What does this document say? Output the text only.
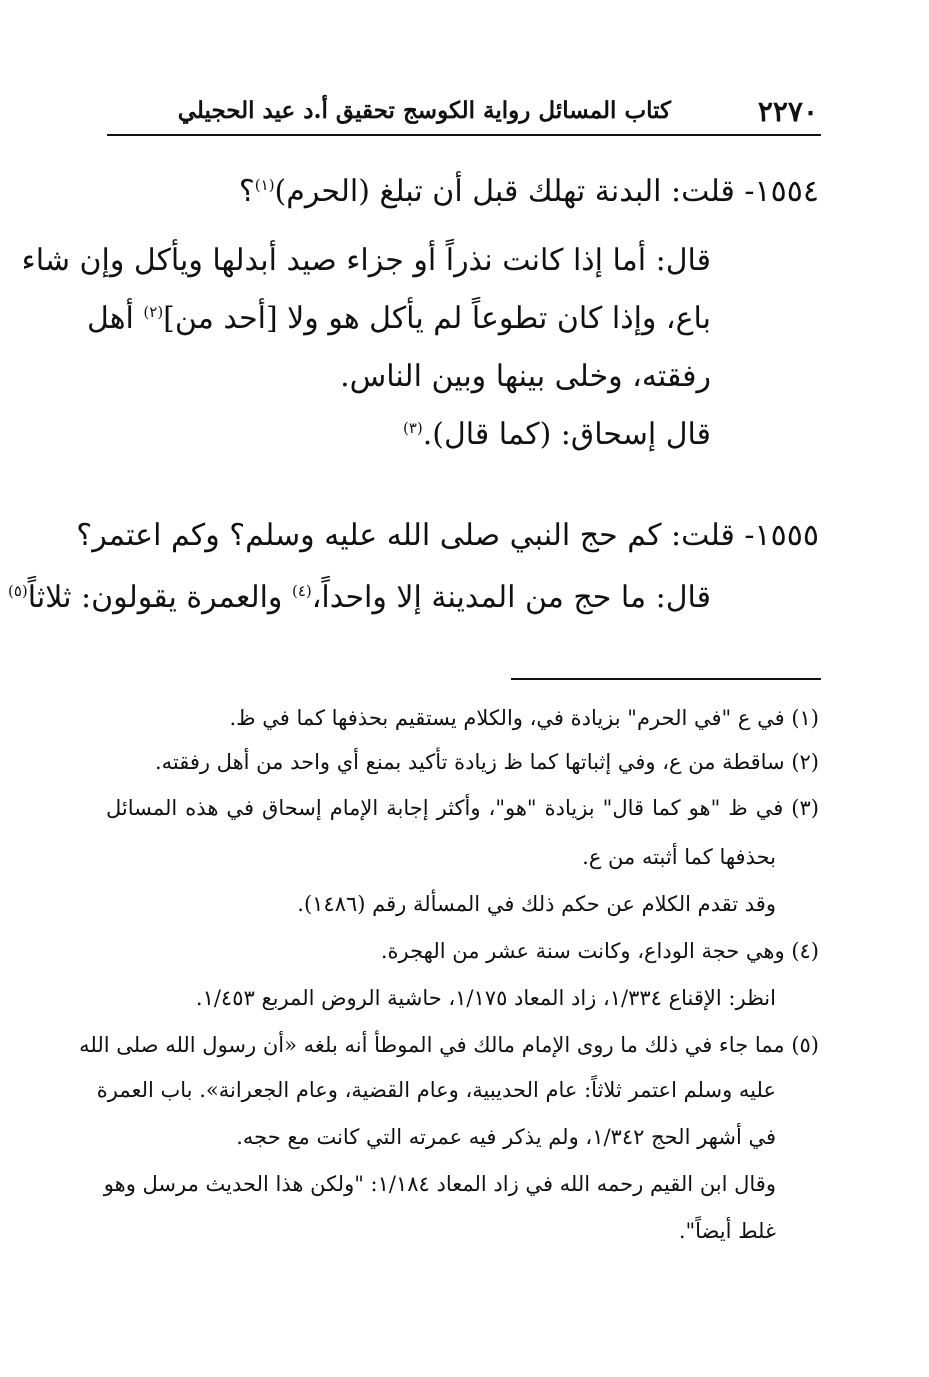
٢٢٧٠
كتاب المسائل رواية الكوسج تحقيق أ.د عيد الحجيلي
١٥٥٤- قلت: البدنة تهلك قبل أن تبلغ (الحرم)$^{(١)}$؟
قال: أما إذا كانت نذراً أو جزاء صيد أبدلها ويأكل وإن شاء
باع، وإذا كان تطوعاً لم يأكل هو ولا [أحد من]$^{(٢)}$ أهل
رفقته، وخلى بينها وبين الناس.
قال إسحاق: (كما قال).$^{(٣)}$
١٥٥٥- قلت: كم حج النبي صلى الله عليه وسلم؟ وكم اعتمر؟
قال: ما حج من المدينة إلا واحداً،$^{(٤)}$ والعمرة يقولون: ثلاثاً$^{(٥)}$
(١) في ع "في الحرم" بزيادة في، والكلام يستقيم بحذفها كما في ظ.
(٢) ساقطة من ع، وفي إثباتها كما ظ زيادة تأكيد بمنع أي واحد من أهل رفقته.
(٣) في ظ "هو كما قال" بزيادة "هو"، وأكثر إجابة الإمام إسحاق في هذه المسائل
بحذفها كما أثبته من ع.
وقد تقدم الكلام عن حكم ذلك في المسألة رقم (١٤٨٦).
(٤) وهي حجة الوداع، وكانت سنة عشر من الهجرة.
انظر: الإقناع ١/٣٣٤، زاد المعاد ١/١٧٥، حاشية الروض المربع ١/٤٥٣.
(٥) مما جاء في ذلك ما روى الإمام مالك في الموطأ أنه بلغه «أن رسول الله صلى الله
عليه وسلم اعتمر ثلاثاً: عام الحديبية، وعام القضية، وعام الجعرانة». باب العمرة
في أشهر الحج ١/٣٤٢، ولم يذكر فيه عمرته التي كانت مع حجه.
وقال ابن القيم رحمه الله في زاد المعاد ١/١٨٤: "ولكن هذا الحديث مرسل وهو
غلط أيضاً".
